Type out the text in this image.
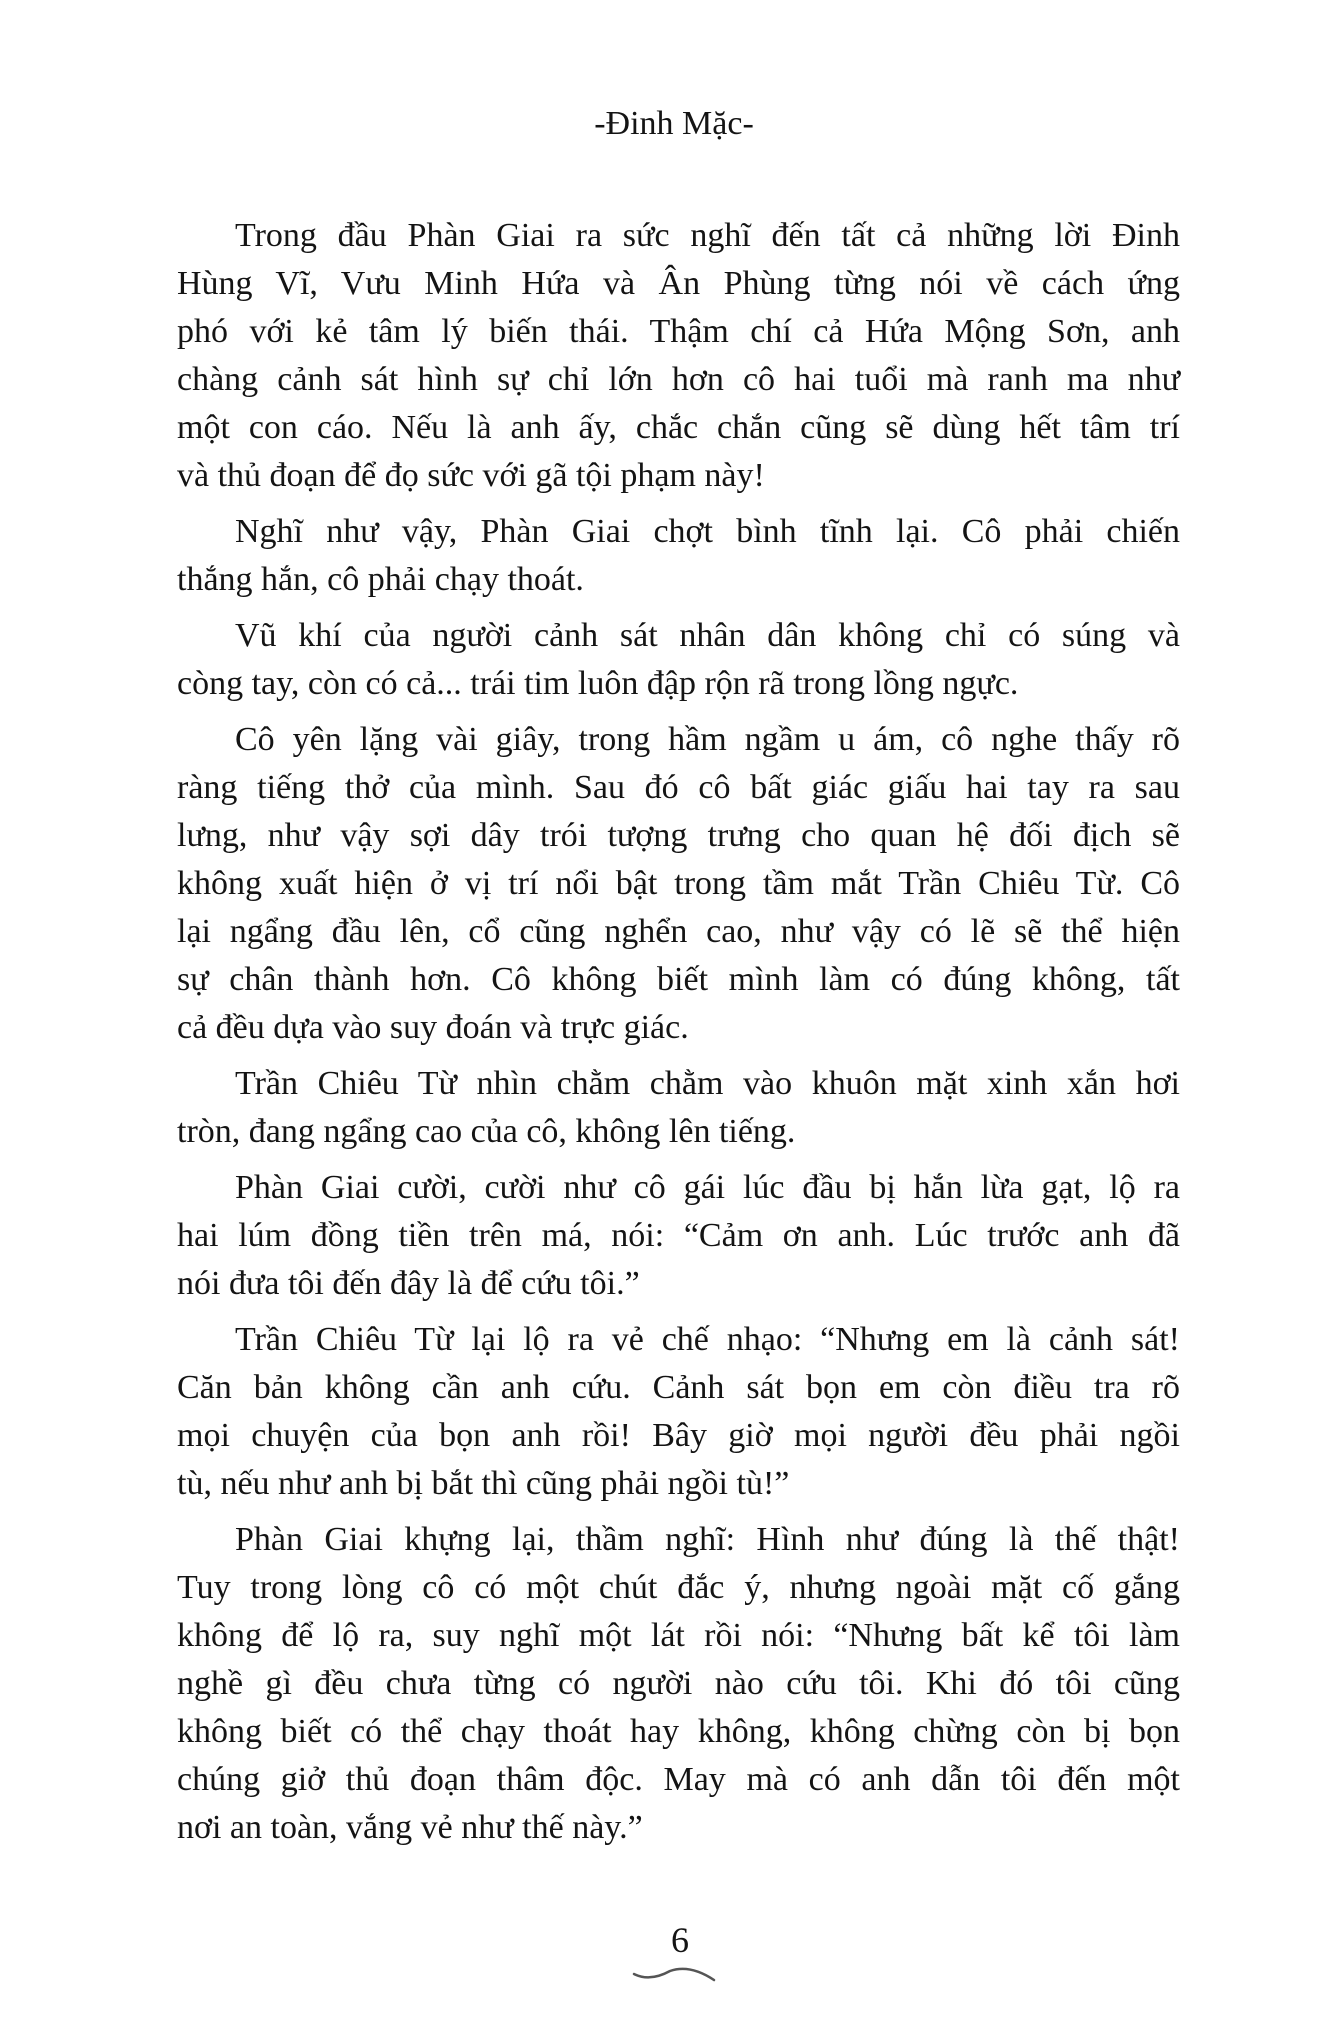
-Đinh Mặc-
Trong đầu Phàn Giai ra sức nghĩ đến tất cả những lời Đinh
Hùng Vĩ, Vưu Minh Hứa và Ân Phùng từng nói về cách ứng
phó với kẻ tâm lý biến thái. Thậm chí cả Hứa Mộng Sơn, anh
chàng cảnh sát hình sự chỉ lớn hơn cô hai tuổi mà ranh ma như
một con cáo. Nếu là anh ấy, chắc chắn cũng sẽ dùng hết tâm trí
và thủ đoạn để đọ sức với gã tội phạm này!
Nghĩ như vậy, Phàn Giai chợt bình tĩnh lại. Cô phải chiến
thắng hắn, cô phải chạy thoát.
Vũ khí của người cảnh sát nhân dân không chỉ có súng và
còng tay, còn có cả... trái tim luôn đập rộn rã trong lồng ngực.
Cô yên lặng vài giây, trong hầm ngầm u ám, cô nghe thấy rõ
ràng tiếng thở của mình. Sau đó cô bất giác giấu hai tay ra sau
lưng, như vậy sợi dây trói tượng trưng cho quan hệ đối địch sẽ
không xuất hiện ở vị trí nổi bật trong tầm mắt Trần Chiêu Từ. Cô
lại ngẩng đầu lên, cổ cũng nghển cao, như vậy có lẽ sẽ thể hiện
sự chân thành hơn. Cô không biết mình làm có đúng không, tất
cả đều dựa vào suy đoán và trực giác.
Trần Chiêu Từ nhìn chằm chằm vào khuôn mặt xinh xắn hơi
tròn, đang ngẩng cao của cô, không lên tiếng.
Phàn Giai cười, cười như cô gái lúc đầu bị hắn lừa gạt, lộ ra
hai lúm đồng tiền trên má, nói: “Cảm ơn anh. Lúc trước anh đã
nói đưa tôi đến đây là để cứu tôi.”
Trần Chiêu Từ lại lộ ra vẻ chế nhạo: “Nhưng em là cảnh sát!
Căn bản không cần anh cứu. Cảnh sát bọn em còn điều tra rõ
mọi chuyện của bọn anh rồi! Bây giờ mọi người đều phải ngồi
tù, nếu như anh bị bắt thì cũng phải ngồi tù!”
Phàn Giai khựng lại, thầm nghĩ: Hình như đúng là thế thật!
Tuy trong lòng cô có một chút đắc ý, nhưng ngoài mặt cố gắng
không để lộ ra, suy nghĩ một lát rồi nói: “Nhưng bất kể tôi làm
nghề gì đều chưa từng có người nào cứu tôi. Khi đó tôi cũng
không biết có thể chạy thoát hay không, không chừng còn bị bọn
chúng giở thủ đoạn thâm độc. May mà có anh dẫn tôi đến một
nơi an toàn, vắng vẻ như thế này.”
6
